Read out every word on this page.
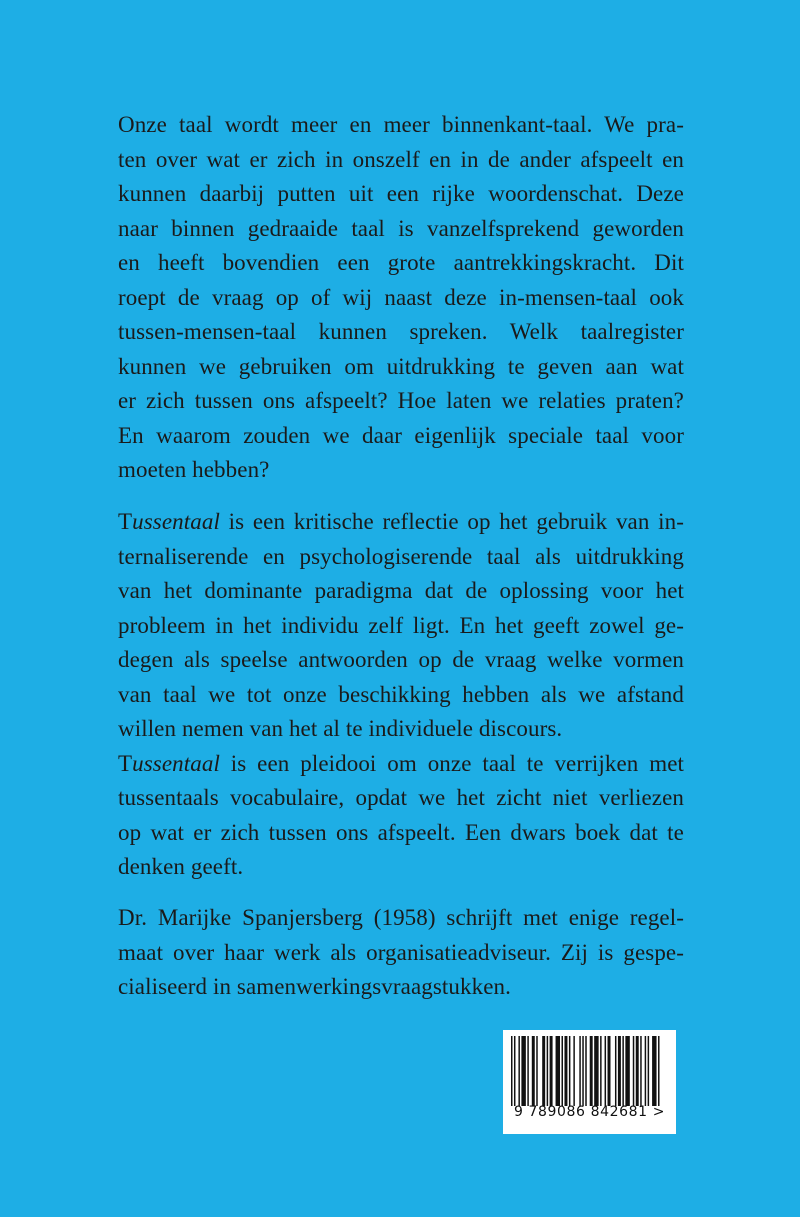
Onze taal wordt meer en meer binnenkant-taal. We pra-
ten over wat er zich in onszelf en in de ander afspeelt en
kunnen daarbij putten uit een rijke woordenschat. Deze
naar binnen gedraaide taal is vanzelfsprekend geworden
en heeft bovendien een grote aantrekkingskracht. Dit
roept de vraag op of wij naast deze in-mensen-taal ook
tussen-mensen-taal kunnen spreken. Welk taalregister
kunnen we gebruiken om uitdrukking te geven aan wat
er zich tussen ons afspeelt? Hoe laten we relaties praten?
En waarom zouden we daar eigenlijk speciale taal voor
moeten hebben?
Tussentaal is een kritische reflectie op het gebruik van in-
ternaliserende en psychologiserende taal als uitdrukking
van het dominante paradigma dat de oplossing voor het
probleem in het individu zelf ligt. En het geeft zowel ge-
degen als speelse antwoorden op de vraag welke vormen
van taal we tot onze beschikking hebben als we afstand
willen nemen van het al te individuele discours.
Tussentaal is een pleidooi om onze taal te verrijken met
tussentaals vocabulaire, opdat we het zicht niet verliezen
op wat er zich tussen ons afspeelt. Een dwars boek dat te
denken geeft.
Dr. Marijke Spanjersberg (1958) schrijft met enige regel-
maat over haar werk als organisatieadviseur. Zij is gespe-
cialiseerd in samenwerkingsvraagstukken.
9 789086 842681 >
